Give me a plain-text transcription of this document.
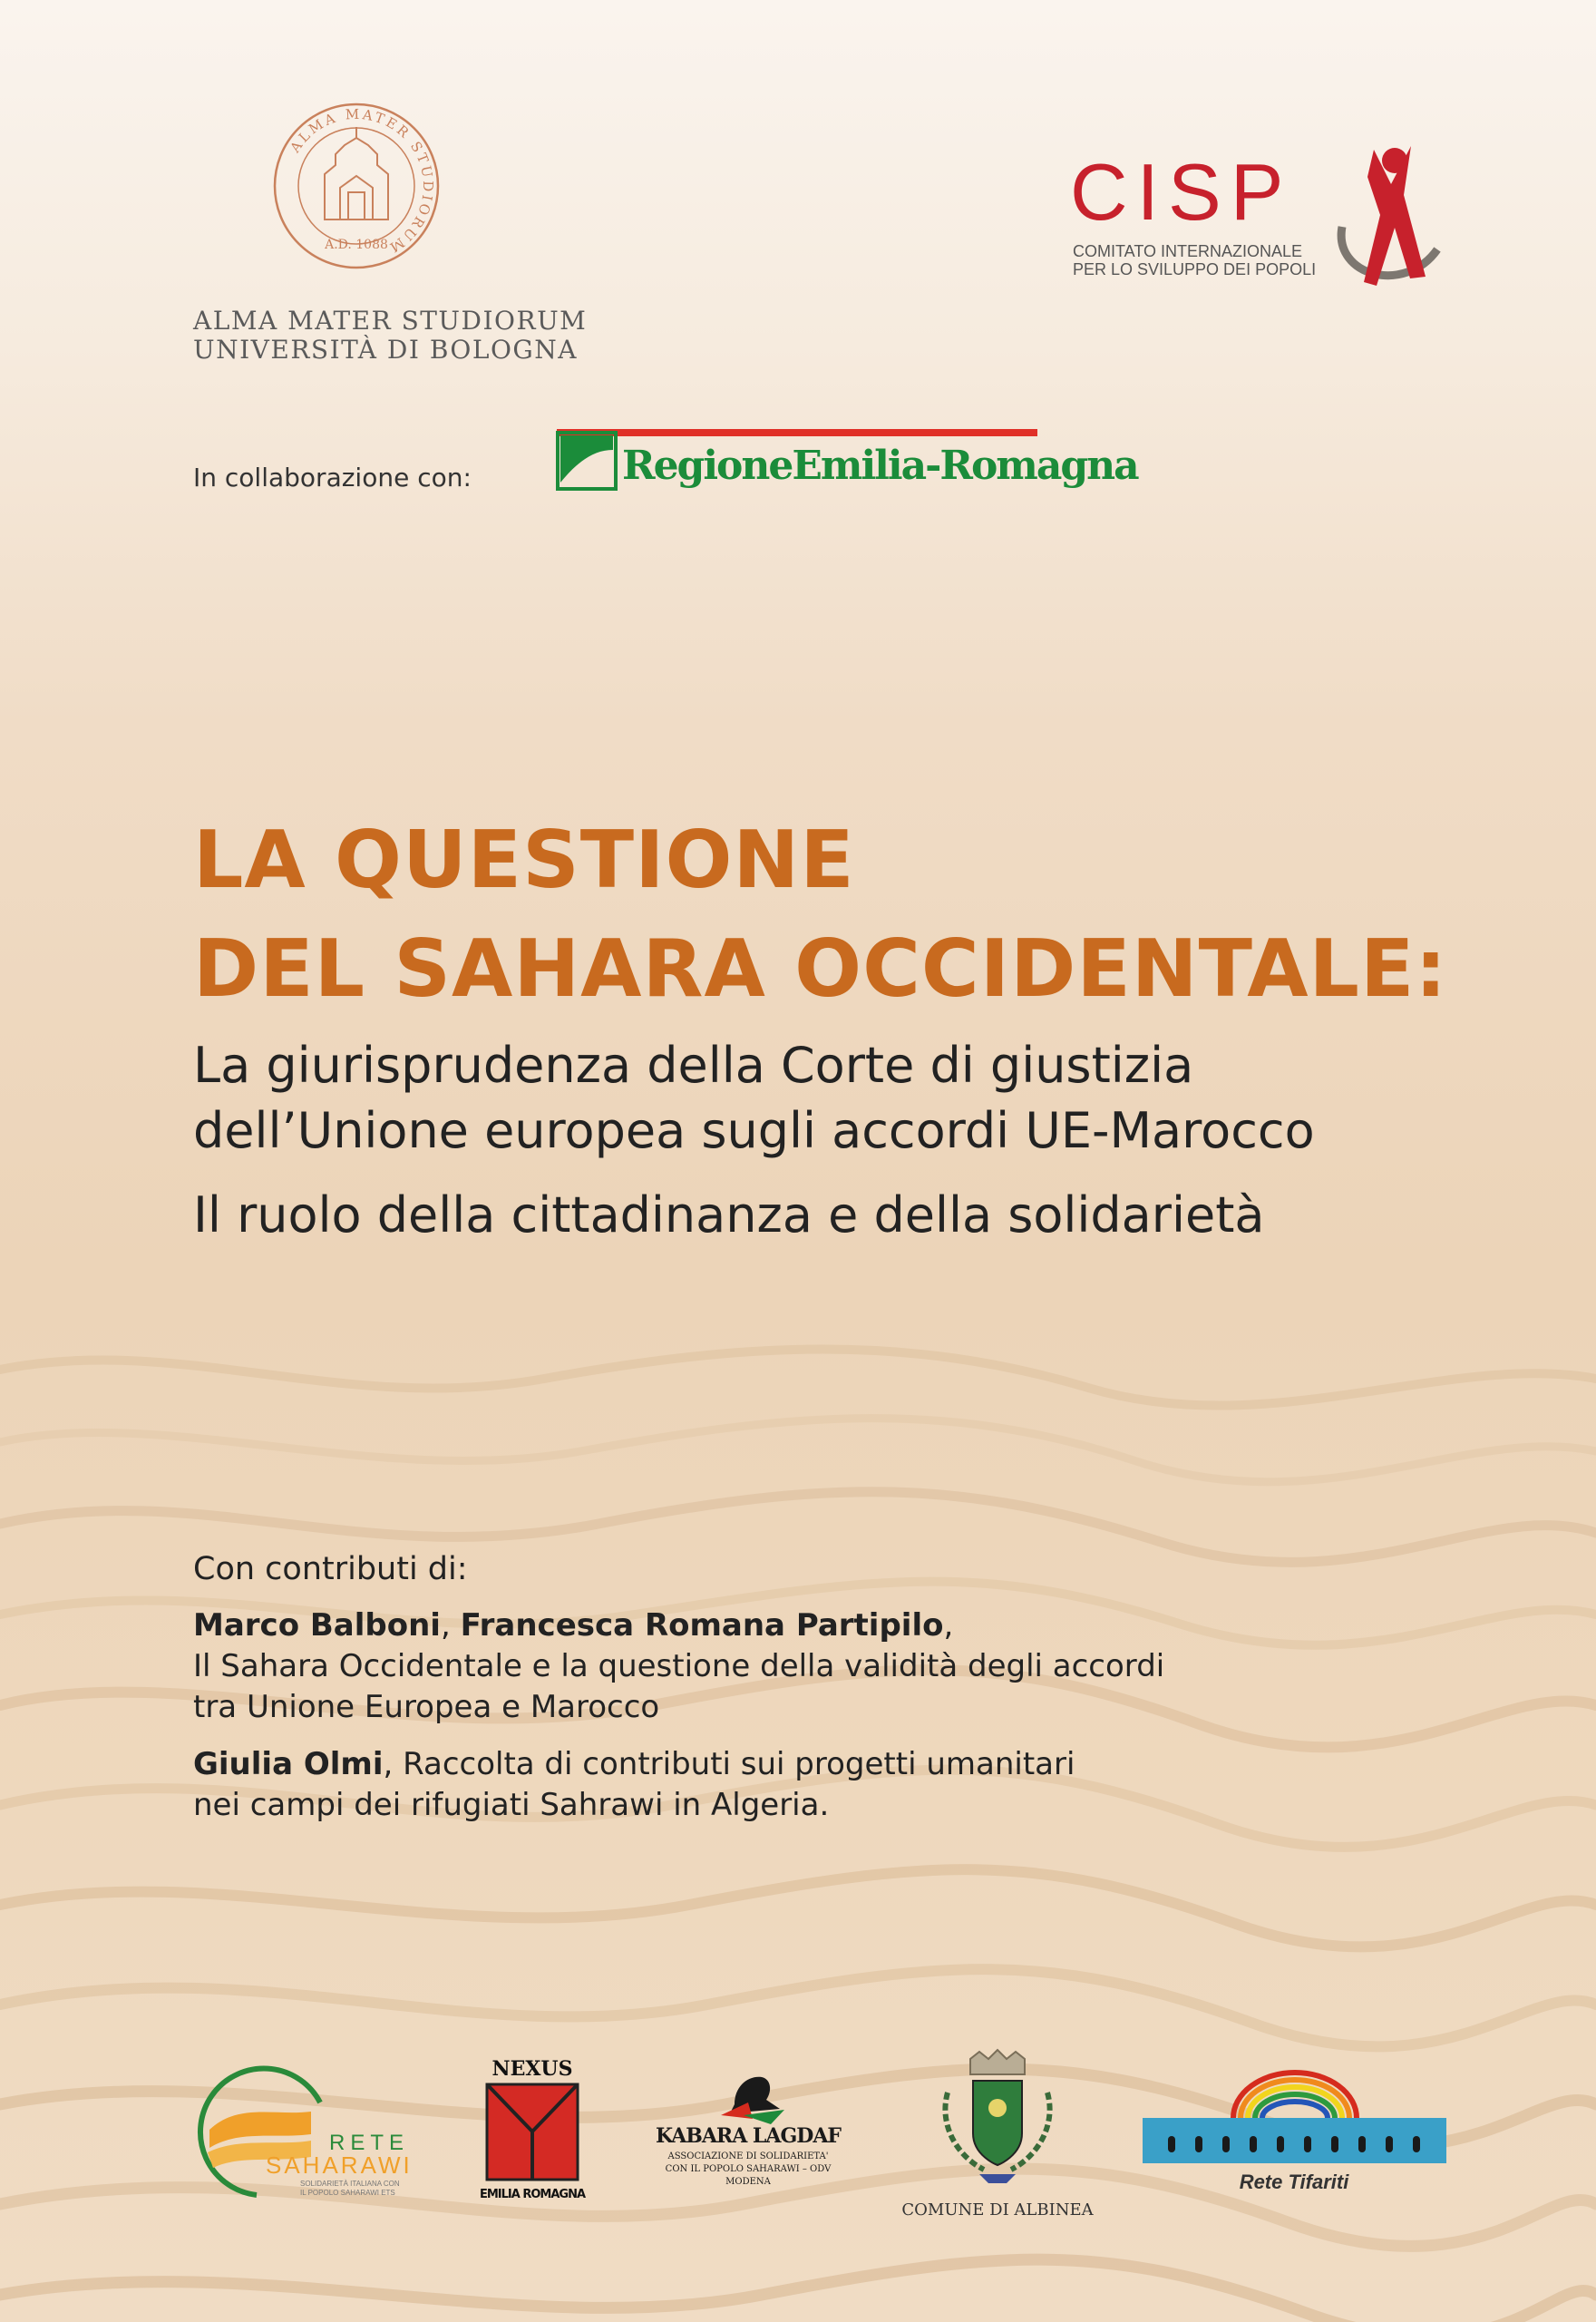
ALMA MATER STUDIORUM
A.D. 1088
ALMA MATER STUDIORUM
UNIVERSITÀ DI BOLOGNA
CISP
COMITATO INTERNAZIONALE
PER LO SVILUPPO DEI POPOLI
In collaborazione con:	RegioneEmilia-Romagna
LA QUESTIONE
DEL SAHARA OCCIDENTALE:
La giurisprudenza della Corte di giustizia
dell’Unione europea sugli accordi UE-Marocco
Il ruolo della cittadinanza e della solidarietà
Con contributi di:
Marco Balboni, Francesca Romana Partipilo,
Il Sahara Occidentale e la questione della validità degli accordi
tra Unione Europea e Marocco
Giulia Olmi, Raccolta di contributi sui progetti umanitari
nei campi dei rifugiati Sahrawi in Algeria.
RETE
SAHARAWI
SOLIDARIETÀ ITALIANA CON
IL POPOLO SAHARAWI ETS
NEXUS
EMILIA ROMAGNA
KABARA LAGDAF
ASSOCIAZIONE DI SOLIDARIETA'
CON IL POPOLO SAHARAWI – ODV
MODENA
COMUNE DI ALBINEA
Rete Tifariti
